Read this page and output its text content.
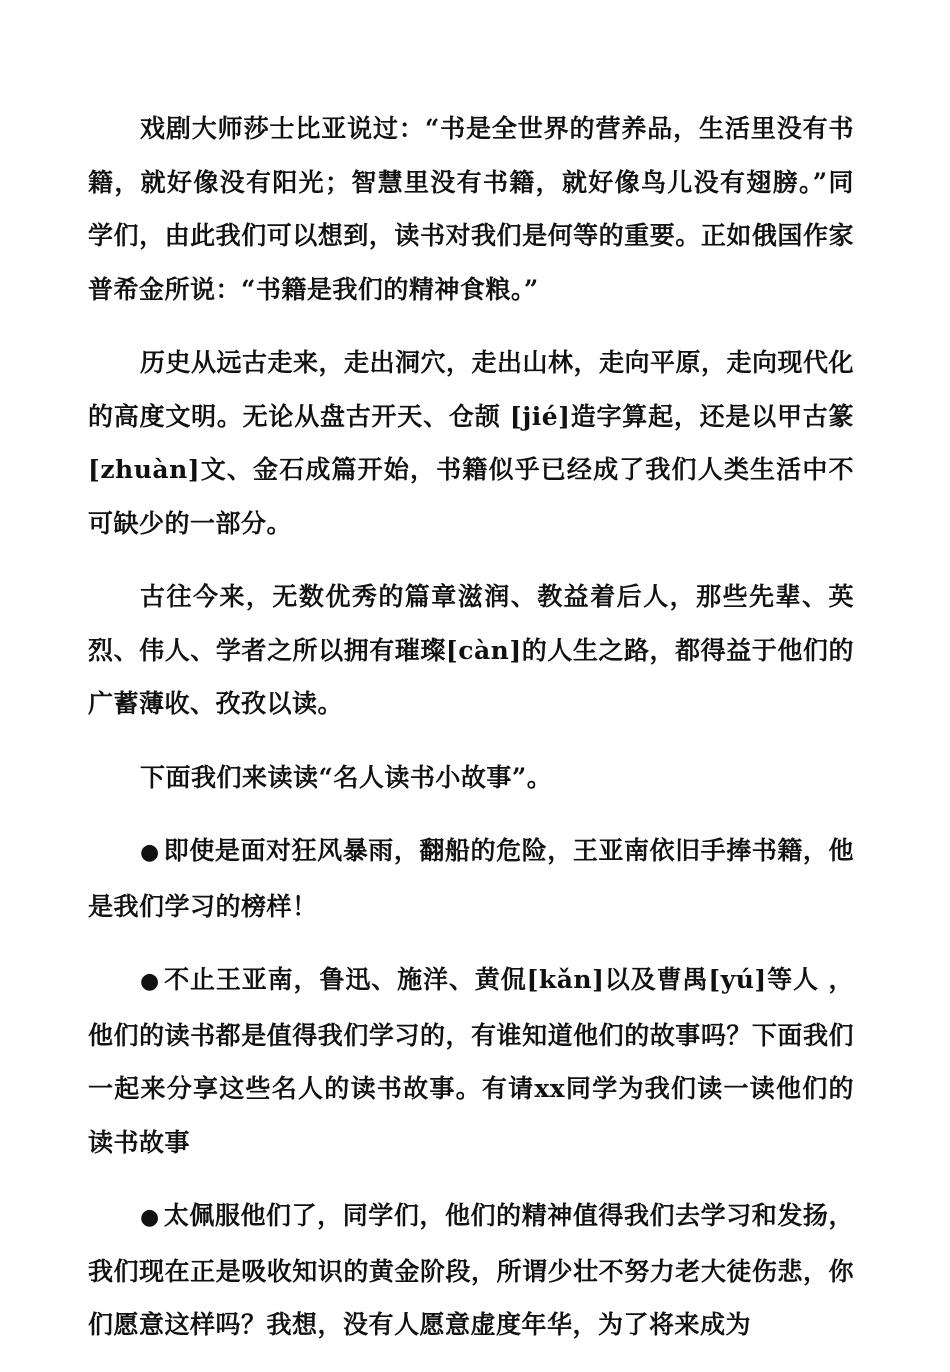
戏剧大师莎士比亚说过：“书是全世界的营养品，生活里没有书籍，就好像没有阳光；智慧里没有书籍，就好像鸟儿没有翅膀。”同学们，由此我们可以想到，读书对我们是何等的重要。正如俄国作家普希金所说：“书籍是我们的精神食粮。”

历史从远古走来，走出洞穴，走出山林，走向平原，走向现代化的高度文明。无论从盘古开天、仓颉 [jié]造字算起，还是以甲古篆[zhuàn]文、金石成篇开始，书籍似乎已经成了我们人类生活中不可缺少的一部分。

古往今来，无数优秀的篇章滋润、教益着后人，那些先辈、英烈、伟人、学者之所以拥有璀璨[càn]的人生之路，都得益于他们的广蓄薄收、孜孜以读。

下面我们来读读“名人读书小故事”。

● 即使是面对狂风暴雨，翻船的危险，王亚南依旧手捧书籍，他是我们学习的榜样！

● 不止王亚南，鲁迅、施洋、黄侃[kǎn]以及曹禺[yú]等人 ，他们的读书都是值得我们学习的，有谁知道他们的故事吗？下面我们一起来分享这些名人的读书故事。有请xx同学为我们读一读他们的读书故事

● 太佩服他们了，同学们，他们的精神值得我们去学习和发扬，我们现在正是吸收知识的黄金阶段，所谓少壮不努力老大徒伤悲，你们愿意这样吗？我想，没有人愿意虚度年华，为了将来成为
